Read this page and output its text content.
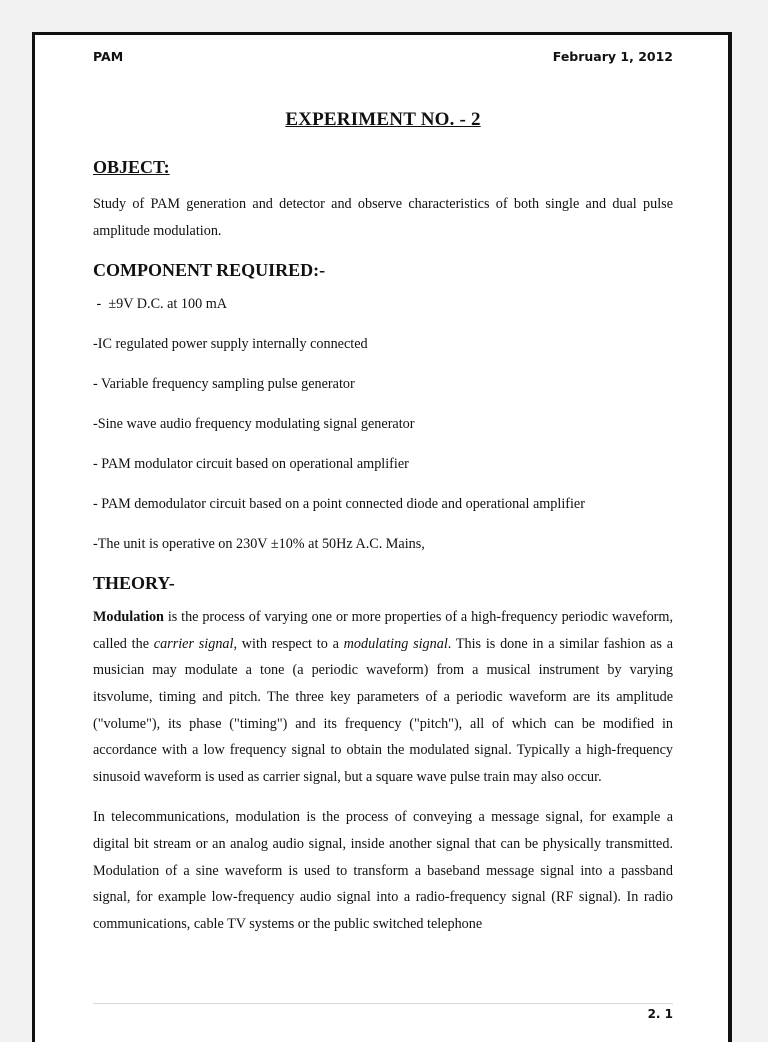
PAM	February 1, 2012
EXPERIMENT NO. - 2
OBJECT:

Study of PAM generation and detector and observe characteristics of both single and dual pulse amplitude modulation.

COMPONENT REQUIRED:-
-  ±9V D.C. at 100 mA
-IC regulated power supply internally connected
- Variable frequency sampling pulse generator
-Sine wave audio frequency modulating signal generator
- PAM modulator circuit based on operational amplifier
- PAM demodulator circuit based on a point connected diode and operational amplifier
-The unit is operative on 230V ±10% at 50Hz A.C. Mains,
THEORY-

Modulation is the process of varying one or more properties of a high-frequency periodic waveform, called the carrier signal, with respect to a modulating signal. This is done in a similar fashion as a musician may modulate a tone (a periodic waveform) from a musical instrument by varying itsvolume, timing and pitch. The three key parameters of a periodic waveform are its amplitude ("volume"), its phase ("timing") and its frequency ("pitch"), all of which can be modified in accordance with a low frequency signal to obtain the modulated signal. Typically a high-frequency sinusoid waveform is used as carrier signal, but a square wave pulse train may also occur.

In telecommunications, modulation is the process of conveying a message signal, for example a digital bit stream or an analog audio signal, inside another signal that can be physically transmitted. Modulation of a sine waveform is used to transform a baseband message signal into a passband signal, for example low-frequency audio signal into a radio-frequency signal (RF signal). In radio communications, cable TV systems or the public switched telephone

2. 1
